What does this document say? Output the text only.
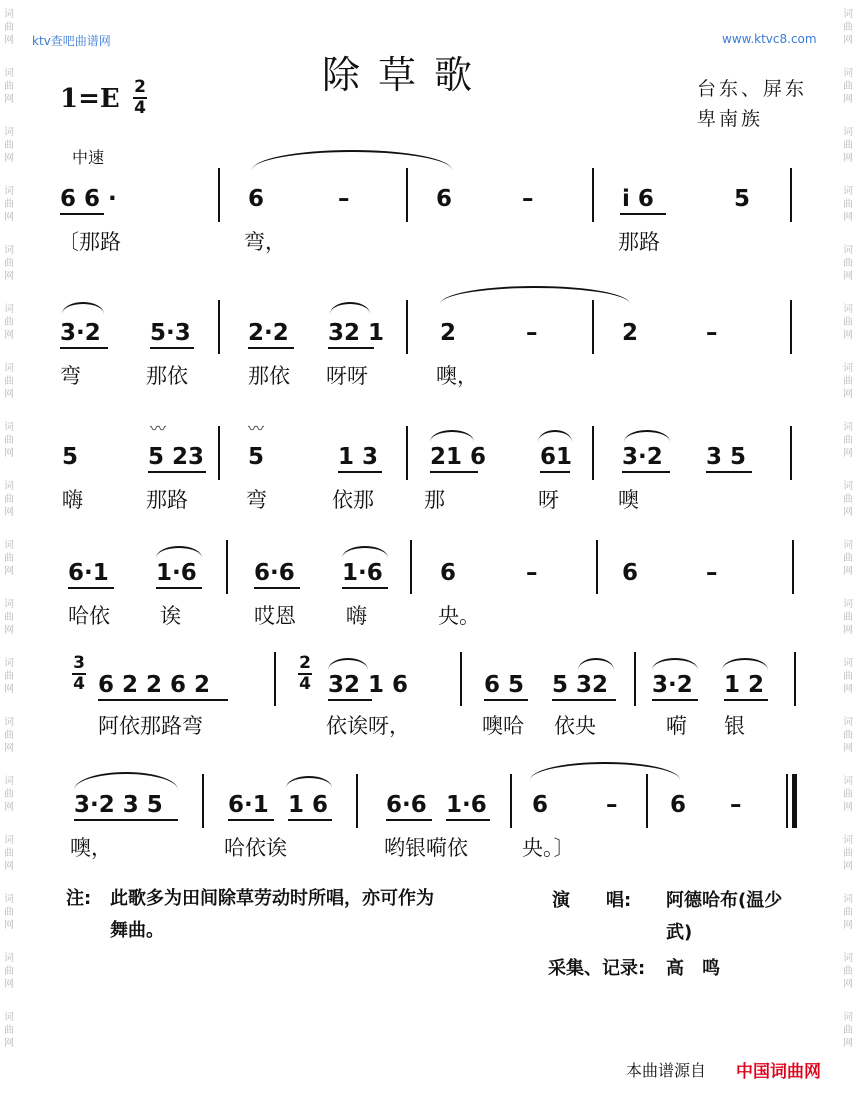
词
曲
网
词
曲
网
词
曲
网
词
曲
网
词
曲
网
词
曲
网
词
曲
网
词
曲
网
词
曲
网
词
曲
网
词
曲
网
词
曲
网
词
曲
网
词
曲
网
词
曲
网
词
曲
网
词
曲
网
词
曲
网
词
曲
网
词
曲
网
词
曲
网
词
曲
网
词
曲
网
词
曲
网
词
曲
网
词
曲
网
词
曲
网
词
曲
网
词
曲
网
词
曲
网
词
曲
网
词
曲
网
词
曲
网
词
曲
网
词
曲
网
词
曲
网
ktv查吧曲谱网	www.ktvc8.com
除草歌	台东、屏东
卑南族
1=E 2
4
中速
6 6 ·	6	–	6	–	i 6	5
〔那路	弯，	那路
3·2 5·3 2·2 32 1 2	–	2	–
弯	那依	那依 呀呀	噢，
〰︎	〰︎
5	5 23 5	1 3 21 6 61 3·2 3 5
嗨	那路	弯	依那 那	呀	噢
6·1 1·6 6·6 1·6 6	–	6	–
哈依 诶	哎恩 嗨	央。
3
4 6 2 2 6 2
2
4 32 1 6	6 5 5 32 3·2 1 2
阿依那路弯	依诶呀，	噢哈 依央	嗬 银
3·2 3 5	6·1 1 6	6·6 1·6 6	– 6 –
噢，	哈依诶	哟银嗬依	央。〕
注: 此歌多为田间除草劳动时所唱，亦可作为
舞曲。
演　　唱: 阿德哈布(温少
武)
采集、记录: 高　鸣
本曲谱源自 中国词曲网
